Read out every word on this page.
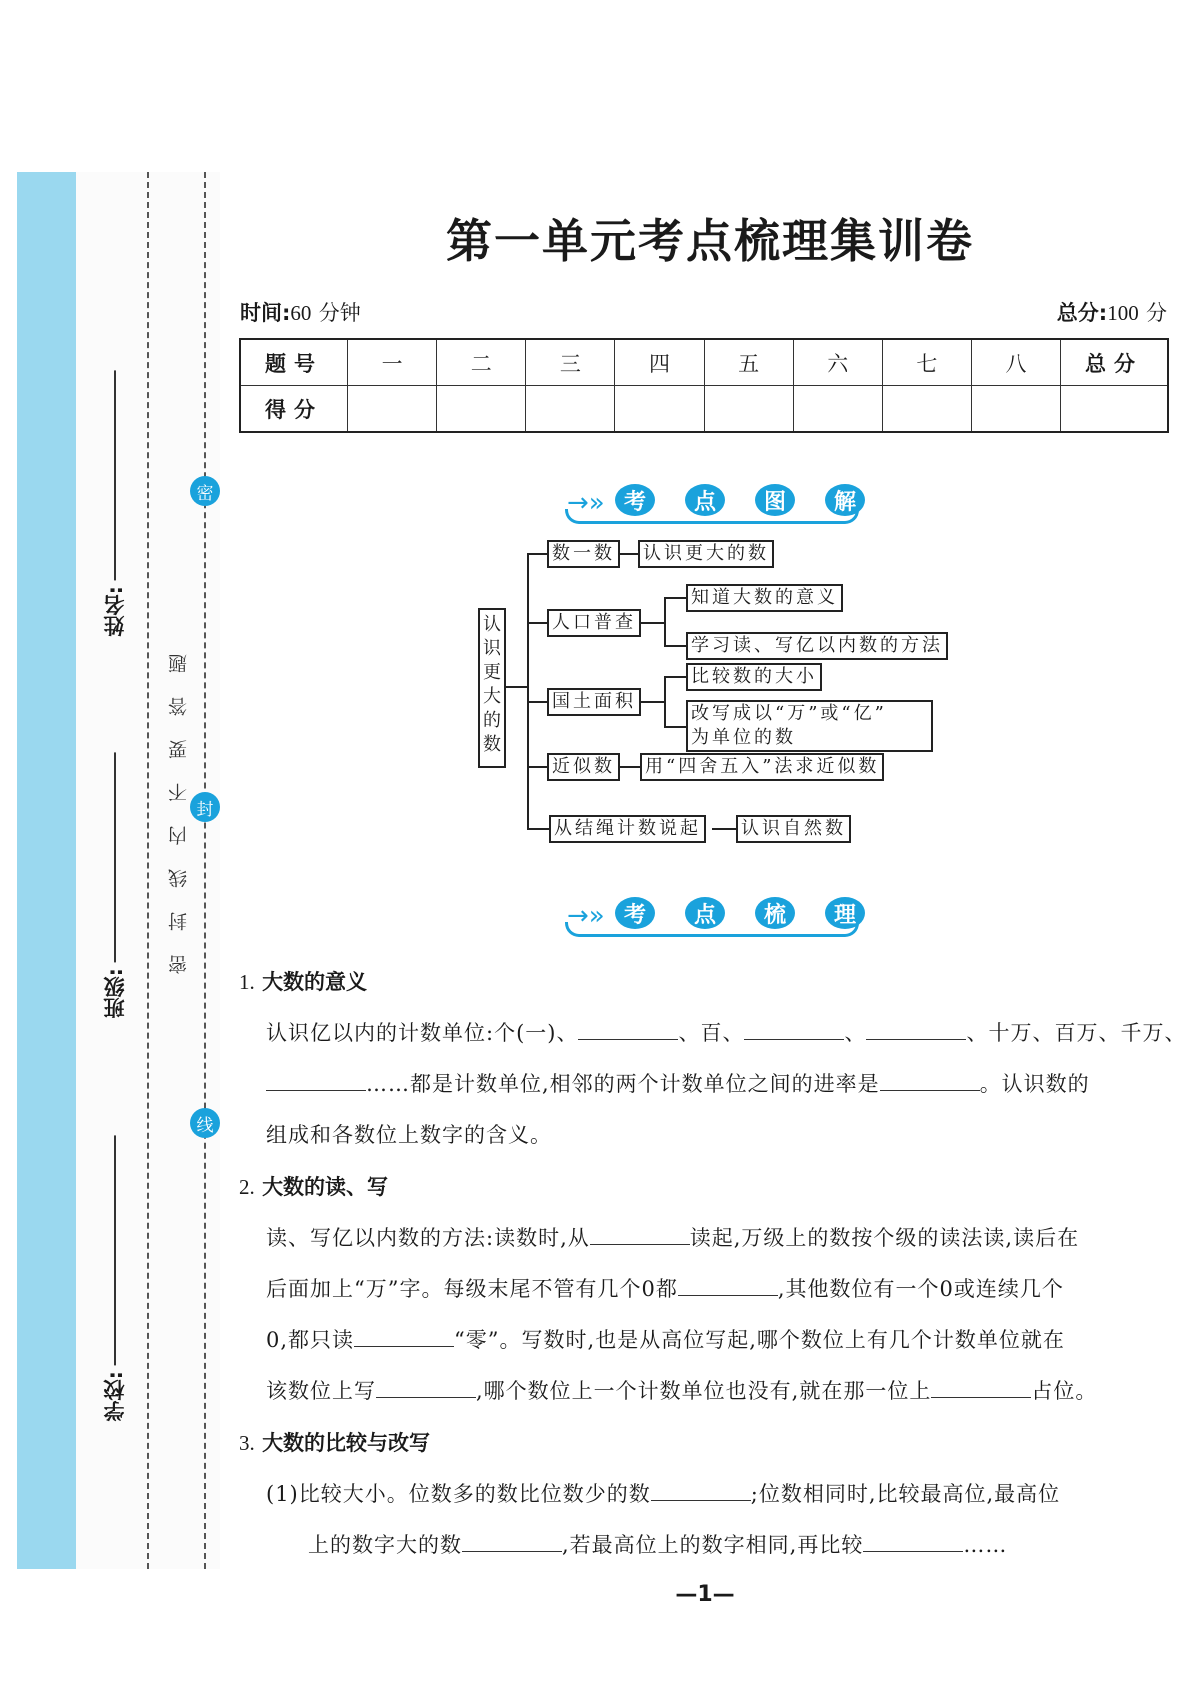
姓名:
班级:
学校:
密封线内不要答题
密
封
线
第一单元考点梳理集训卷
时间:60 分钟	总分:100 分
题号	一	二	三	四	五	六	七	八	总分
得分									
→» 考	点	图	解
认识更大的数
数一数 认识更大的数
人口普查
知道大数的意义
学习读、写亿以内数的方法
国土面积
比较数的大小
改写成以“万”或“亿”
为单位的数
近似数 用“四舍五入”法求近似数
从结绳计数说起 认识自然数
→» 考	点	梳	理
1. 大数的意义
认识亿以内的计数单位:个(一)、	、百、	、	、十万、百万、千万、
……都是计数单位,相邻的两个计数单位之间的进率是	。认识数的
组成和各数位上数字的含义。
2. 大数的读、写
读、写亿以内数的方法:读数时,从	读起,万级上的数按个级的读法读,读后在
后面加上“万”字。每级末尾不管有几个0都	,其他数位有一个0或连续几个
0,都只读	“零”。写数时,也是从高位写起,哪个数位上有几个计数单位就在
该数位上写	,哪个数位上一个计数单位也没有,就在那一位上	占位。
3. 大数的比较与改写
(1)比较大小。位数多的数比位数少的数	;位数相同时,比较最高位,最高位
上的数字大的数	,若最高位上的数字相同,再比较	……
—1—
